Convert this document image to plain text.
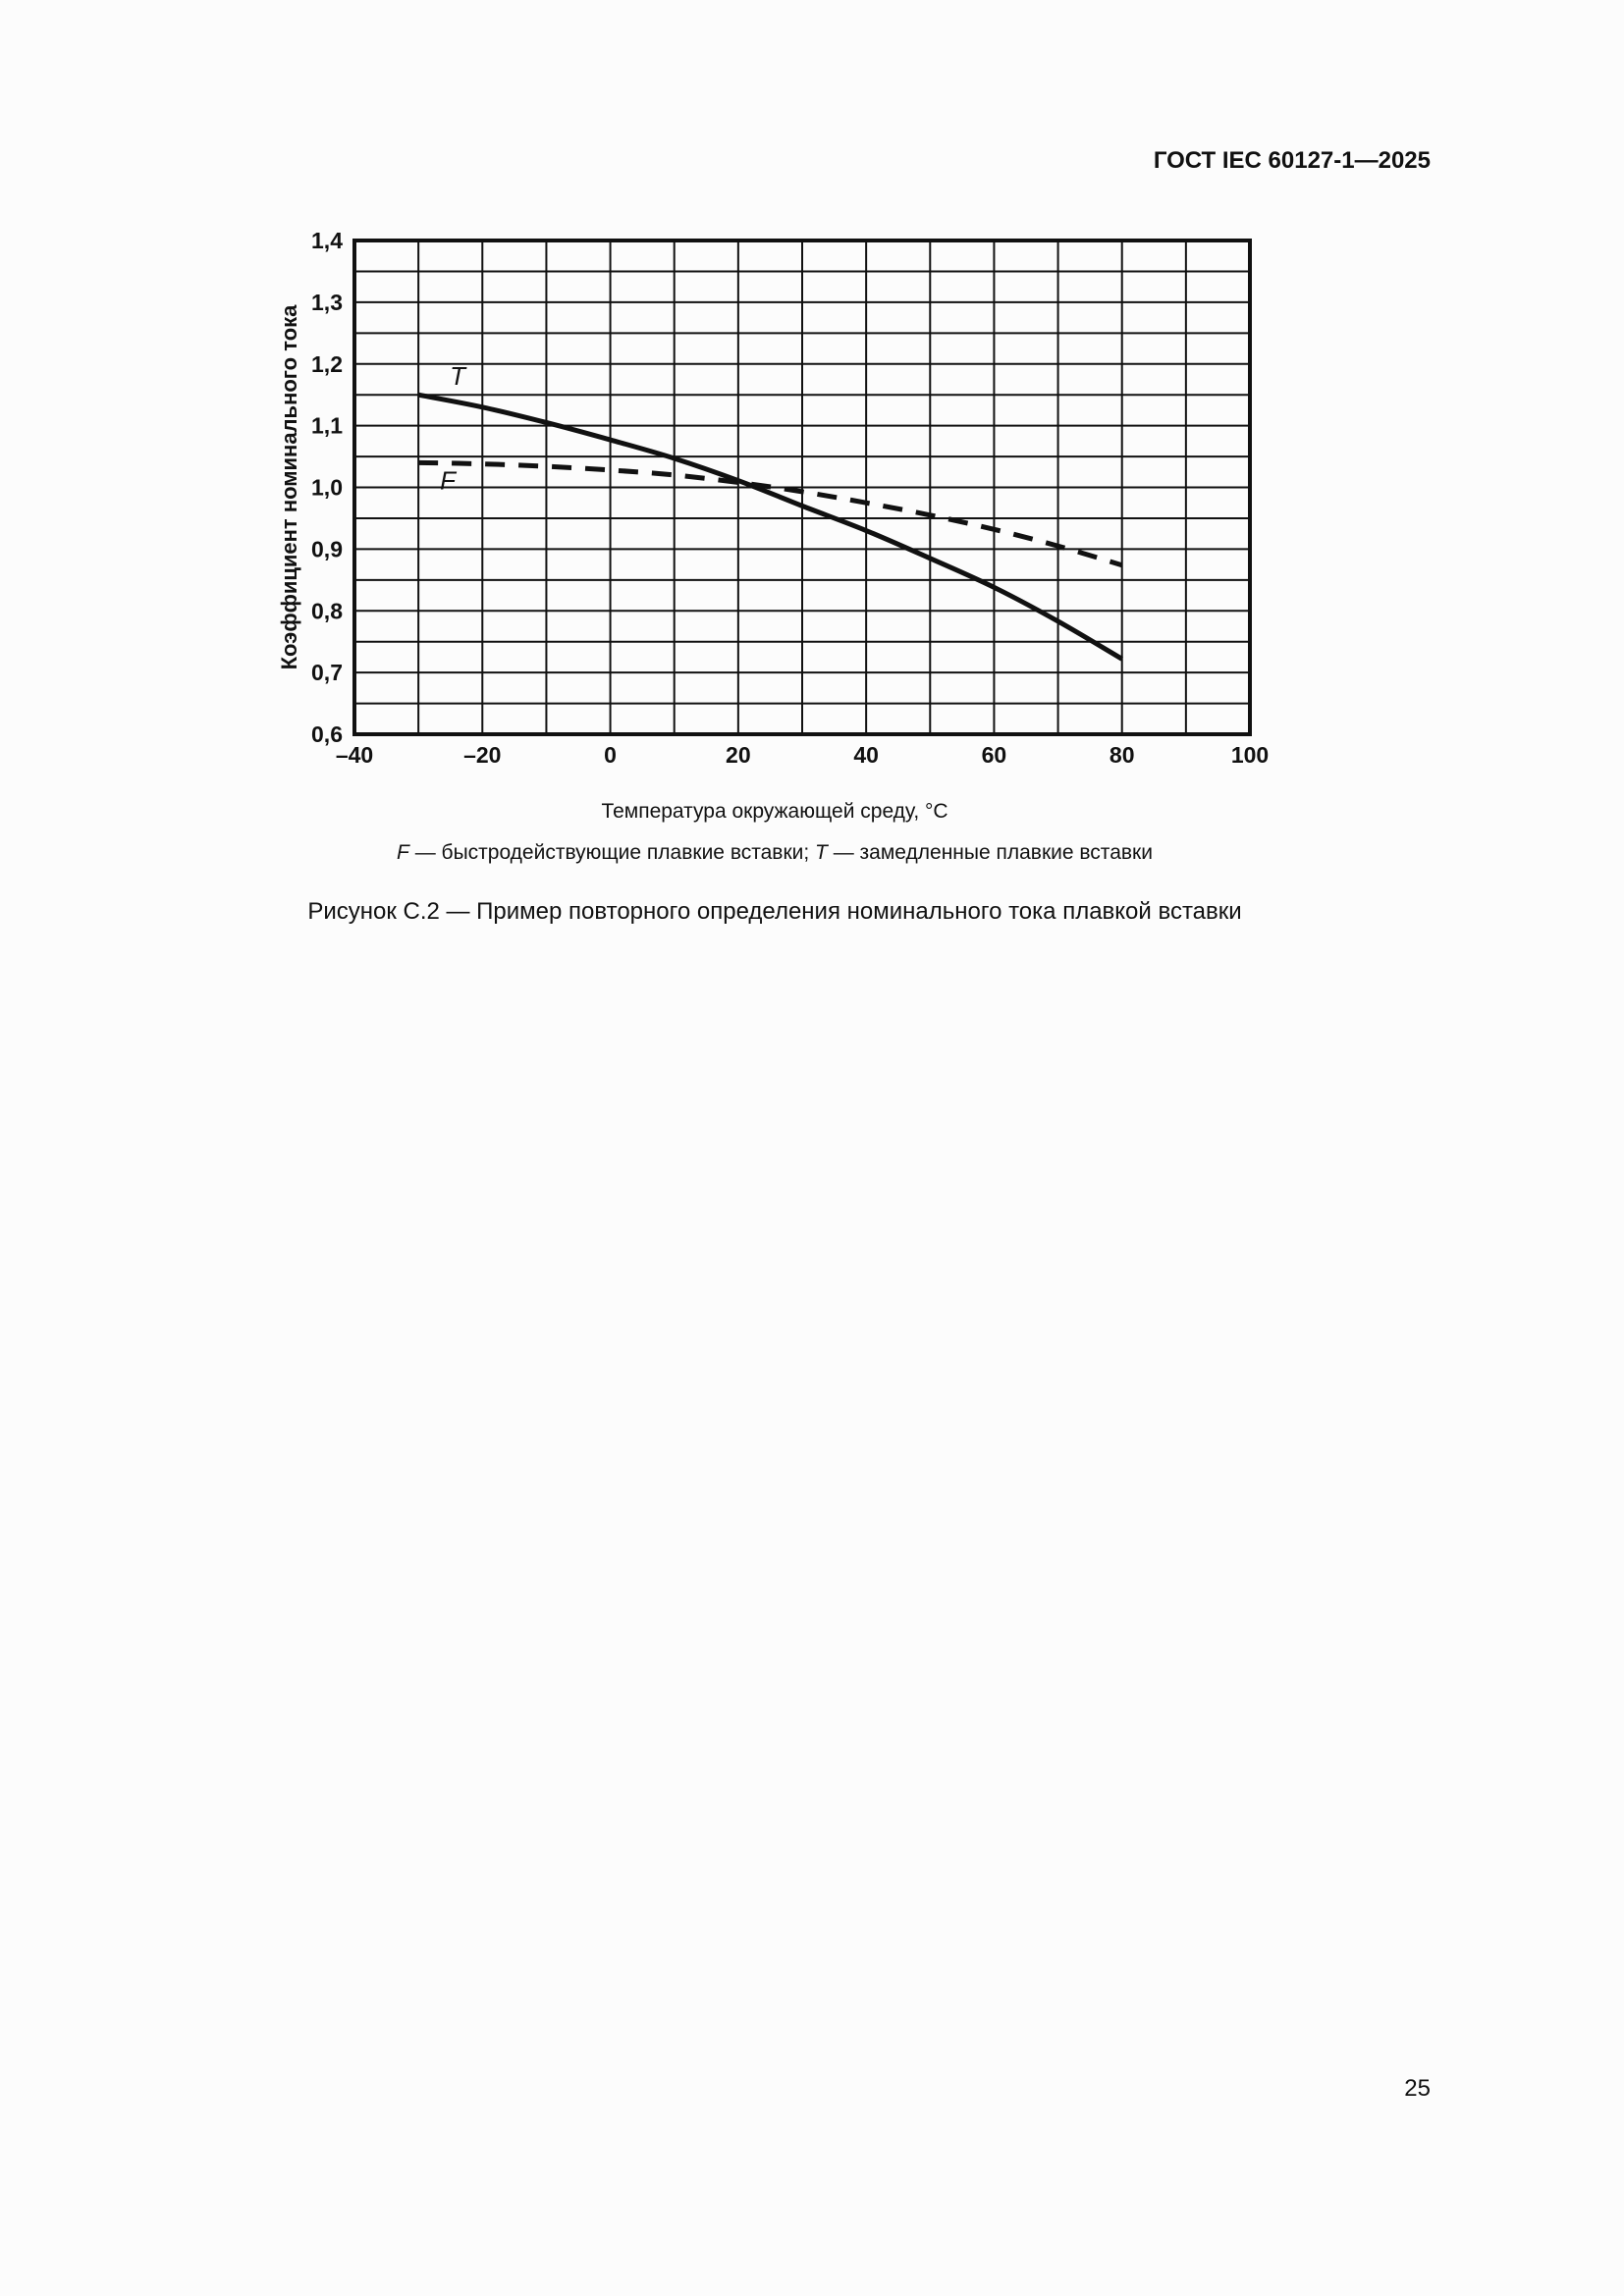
ГОСТ IEC 60127-1—2025
0,6
0,7
0,8
0,9
1,0
1,1
1,2
1,3
1,4
–40	–20	0	20	40	60	80	100
Коэффициент номинального тока	T
F
Температура окружающей среду, °C
F — быстродействующие плавкие вставки; T — замедленные плавкие вставки
Рисунок С.2 — Пример повторного определения номинального тока плавкой вставки
25
